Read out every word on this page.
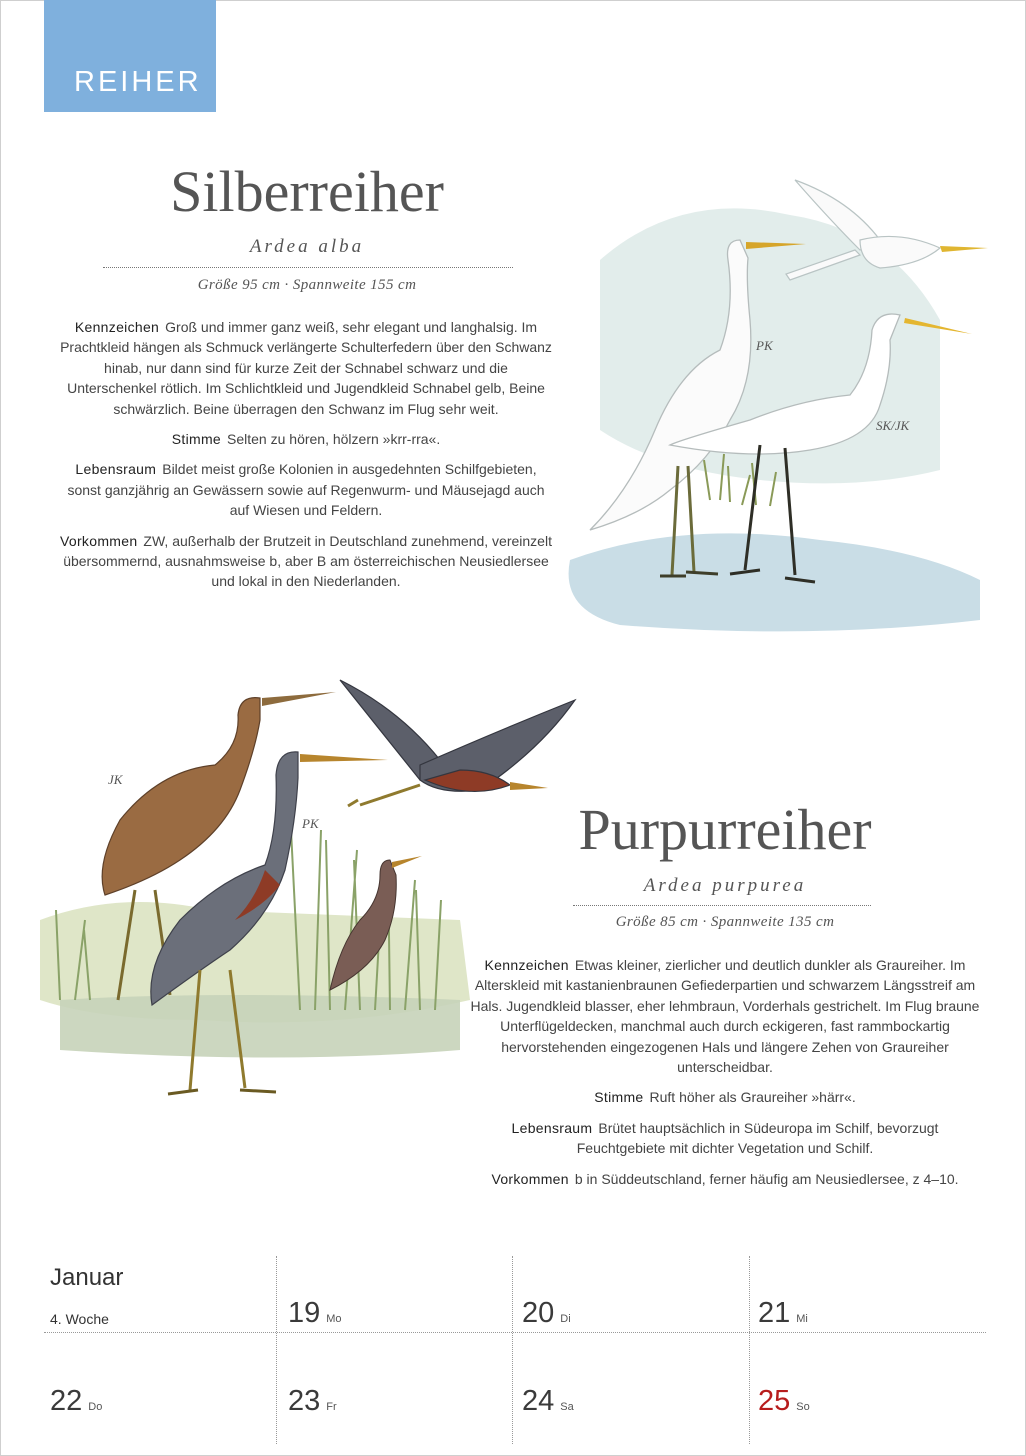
REIHER
Silberreiher
Ardea alba
Größe 95 cm · Spannweite 155 cm

Kennzeichen Groß und immer ganz weiß, sehr elegant und langhalsig. Im Prachtkleid hängen als Schmuck verlängerte Schulterfedern über den Schwanz hinab, nur dann sind für kurze Zeit der Schnabel schwarz und die Unterschenkel rötlich. Im Schlichtkleid und Jugendkleid Schnabel gelb, Beine schwärzlich. Beine überragen den Schwanz im Flug sehr weit.

Stimme Selten zu hören, hölzern »krr-rra«.

Lebensraum Bildet meist große Kolonien in ausgedehnten Schilfgebieten, sonst ganzjährig an Gewässern sowie auf Regenwurm- und Mäusejagd auch auf Wiesen und Feldern.

Vorkommen ZW, außerhalb der Brutzeit in Deutschland zunehmend, vereinzelt übersommernd, ausnahmsweise b, aber B am österreichischen Neusiedlersee und lokal in den Niederlanden.

PK
SK/JK
JK
PK	Purpurreiher
Ardea purpurea
Größe 85 cm · Spannweite 135 cm

Kennzeichen Etwas kleiner, zierlicher und deutlich dunkler als Graureiher. Im Alterskleid mit kastanienbraunen Gefiederpartien und schwarzem Längsstreif am Hals. Jugendkleid blasser, eher lehmbraun, Vorderhals gestrichelt. Im Flug braune Unterflügeldecken, manchmal auch durch eckigeren, fast rammbockartig hervorstehenden eingezogenen Hals und längere Zehen von Graureiher unterscheidbar.

Stimme Ruft höher als Graureiher »härr«.

Lebensraum Brütet hauptsächlich in Südeuropa im Schilf, bevorzugt Feuchtgebiete mit dichter Vegetation und Schilf.

Vorkommen b in Süddeutschland, ferner häufig am Neusiedlersee, z 4–10.

Januar
4. Woche	19 Mo	20 Di	21 Mi
22 Do	23 Fr	24 Sa	25 So
